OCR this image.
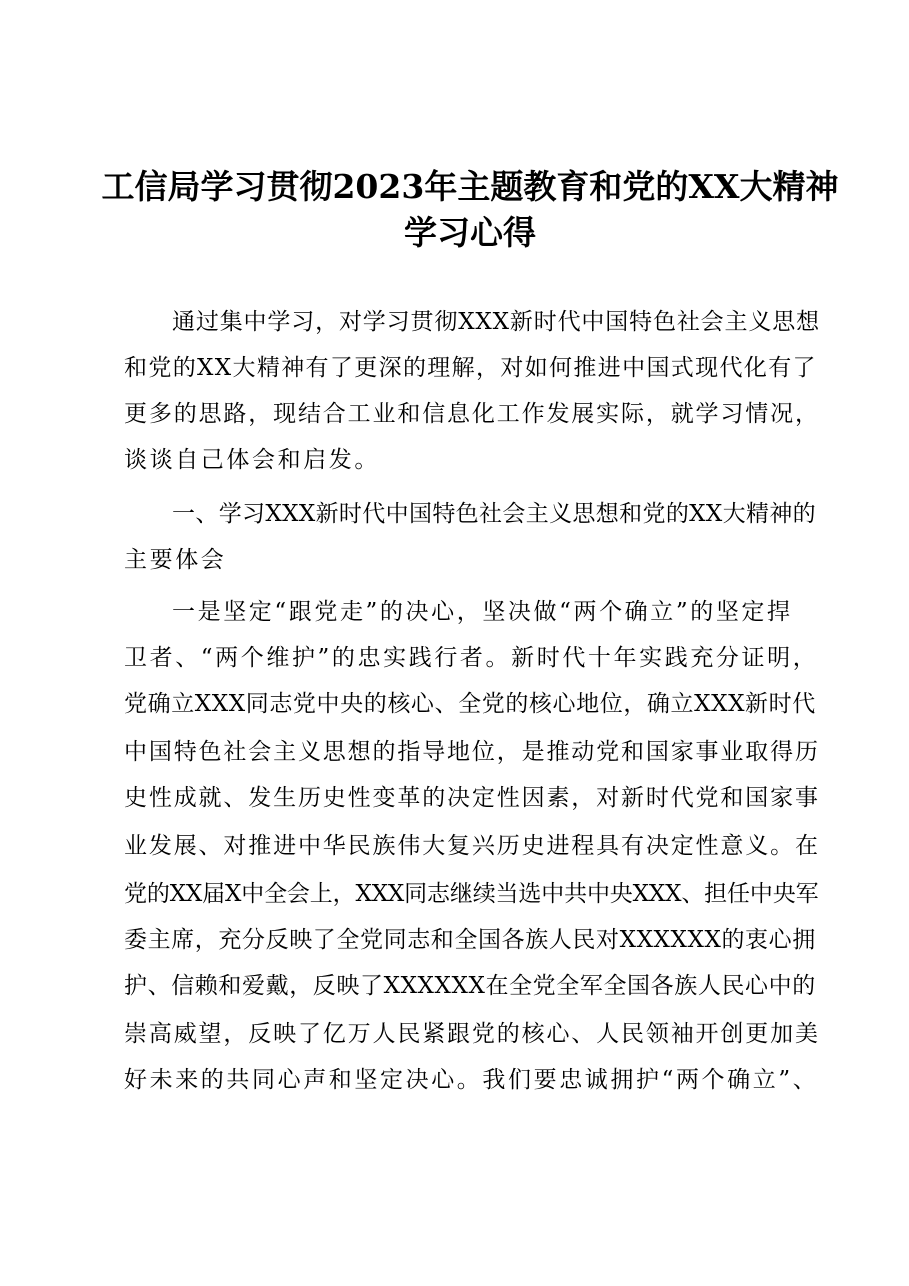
工信局学习贯彻2023年主题教育和党的XX大精神
学习心得
通过集中学习，对学习贯彻XXX新时代中国特色社会主义思想
和党的XX大精神有了更深的理解，对如何推进中国式现代化有了
更多的思路，现结合工业和信息化工作发展实际，就学习情况，
谈谈自己体会和启发。
一、学习XXX新时代中国特色社会主义思想和党的XX大精神的
主要体会
一是坚定“跟党走”的决心，坚决做“两个确立”的坚定捍
卫者、“两个维护”的忠实践行者。新时代十年实践充分证明，
党确立XXX同志党中央的核心、全党的核心地位，确立XXX新时代
中国特色社会主义思想的指导地位，是推动党和国家事业取得历
史性成就、发生历史性变革的决定性因素，对新时代党和国家事
业发展、对推进中华民族伟大复兴历史进程具有决定性意义。在
党的XX届X中全会上，XXX同志继续当选中共中央XXX、担任中央军
委主席，充分反映了全党同志和全国各族人民对XXXXXX的衷心拥
护、信赖和爱戴，反映了XXXXXX在全党全军全国各族人民心中的
崇高威望，反映了亿万人民紧跟党的核心、人民领袖开创更加美
好未来的共同心声和坚定决心。我们要忠诚拥护“两个确立”、
